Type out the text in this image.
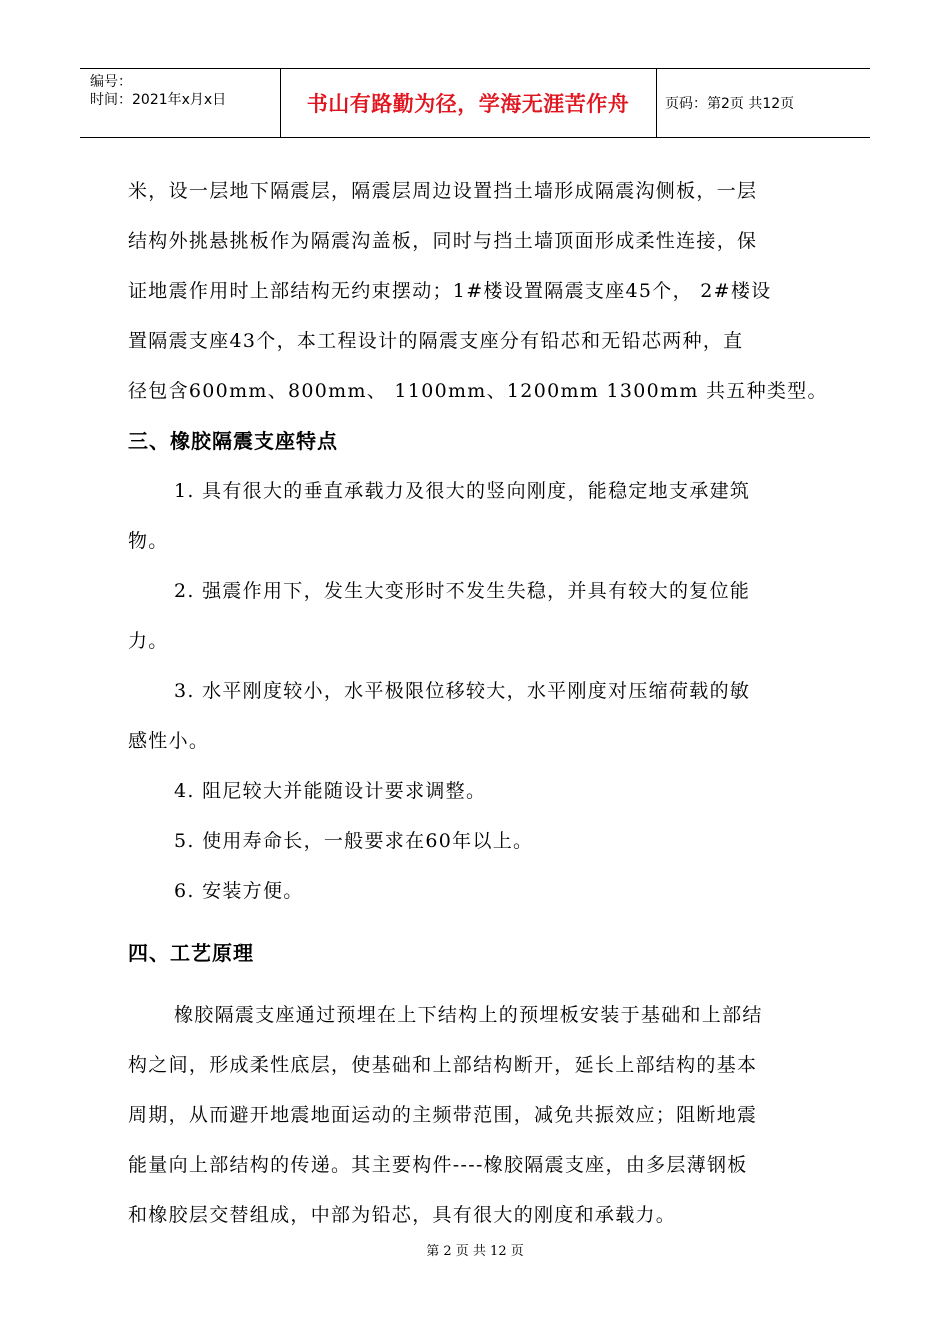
编号：
时间：2021年x月x日	书山有路勤为径，学海无涯苦作舟	页码：第2页 共12页
米，设一层地下隔震层，隔震层周边设置挡土墙形成隔震沟侧板，一层
结构外挑悬挑板作为隔震沟盖板，同时与挡土墙顶面形成柔性连接，保
证地震作用时上部结构无约束摆动；1#楼设置隔震支座45个， 2#楼设
置隔震支座43个，本工程设计的隔震支座分有铅芯和无铅芯两种，直
径包含600mm、800mm、 1100mm、1200mm 1300mm 共五种类型。
三、橡胶隔震支座特点
1. 具有很大的垂直承载力及很大的竖向刚度，能稳定地支承建筑
物。
2. 强震作用下，发生大变形时不发生失稳，并具有较大的复位能
力。
3. 水平刚度较小，水平极限位移较大，水平刚度对压缩荷载的敏
感性小。
4. 阻尼较大并能随设计要求调整。
5. 使用寿命长，一般要求在60年以上。
6. 安装方便。
四、工艺原理
橡胶隔震支座通过预埋在上下结构上的预埋板安装于基础和上部结
构之间，形成柔性底层，使基础和上部结构断开，延长上部结构的基本
周期，从而避开地震地面运动的主频带范围，减免共振效应；阻断地震
能量向上部结构的传递。其主要构件----橡胶隔震支座，由多层薄钢板
和橡胶层交替组成，中部为铅芯，具有很大的刚度和承载力。
第 2 页 共 12 页
